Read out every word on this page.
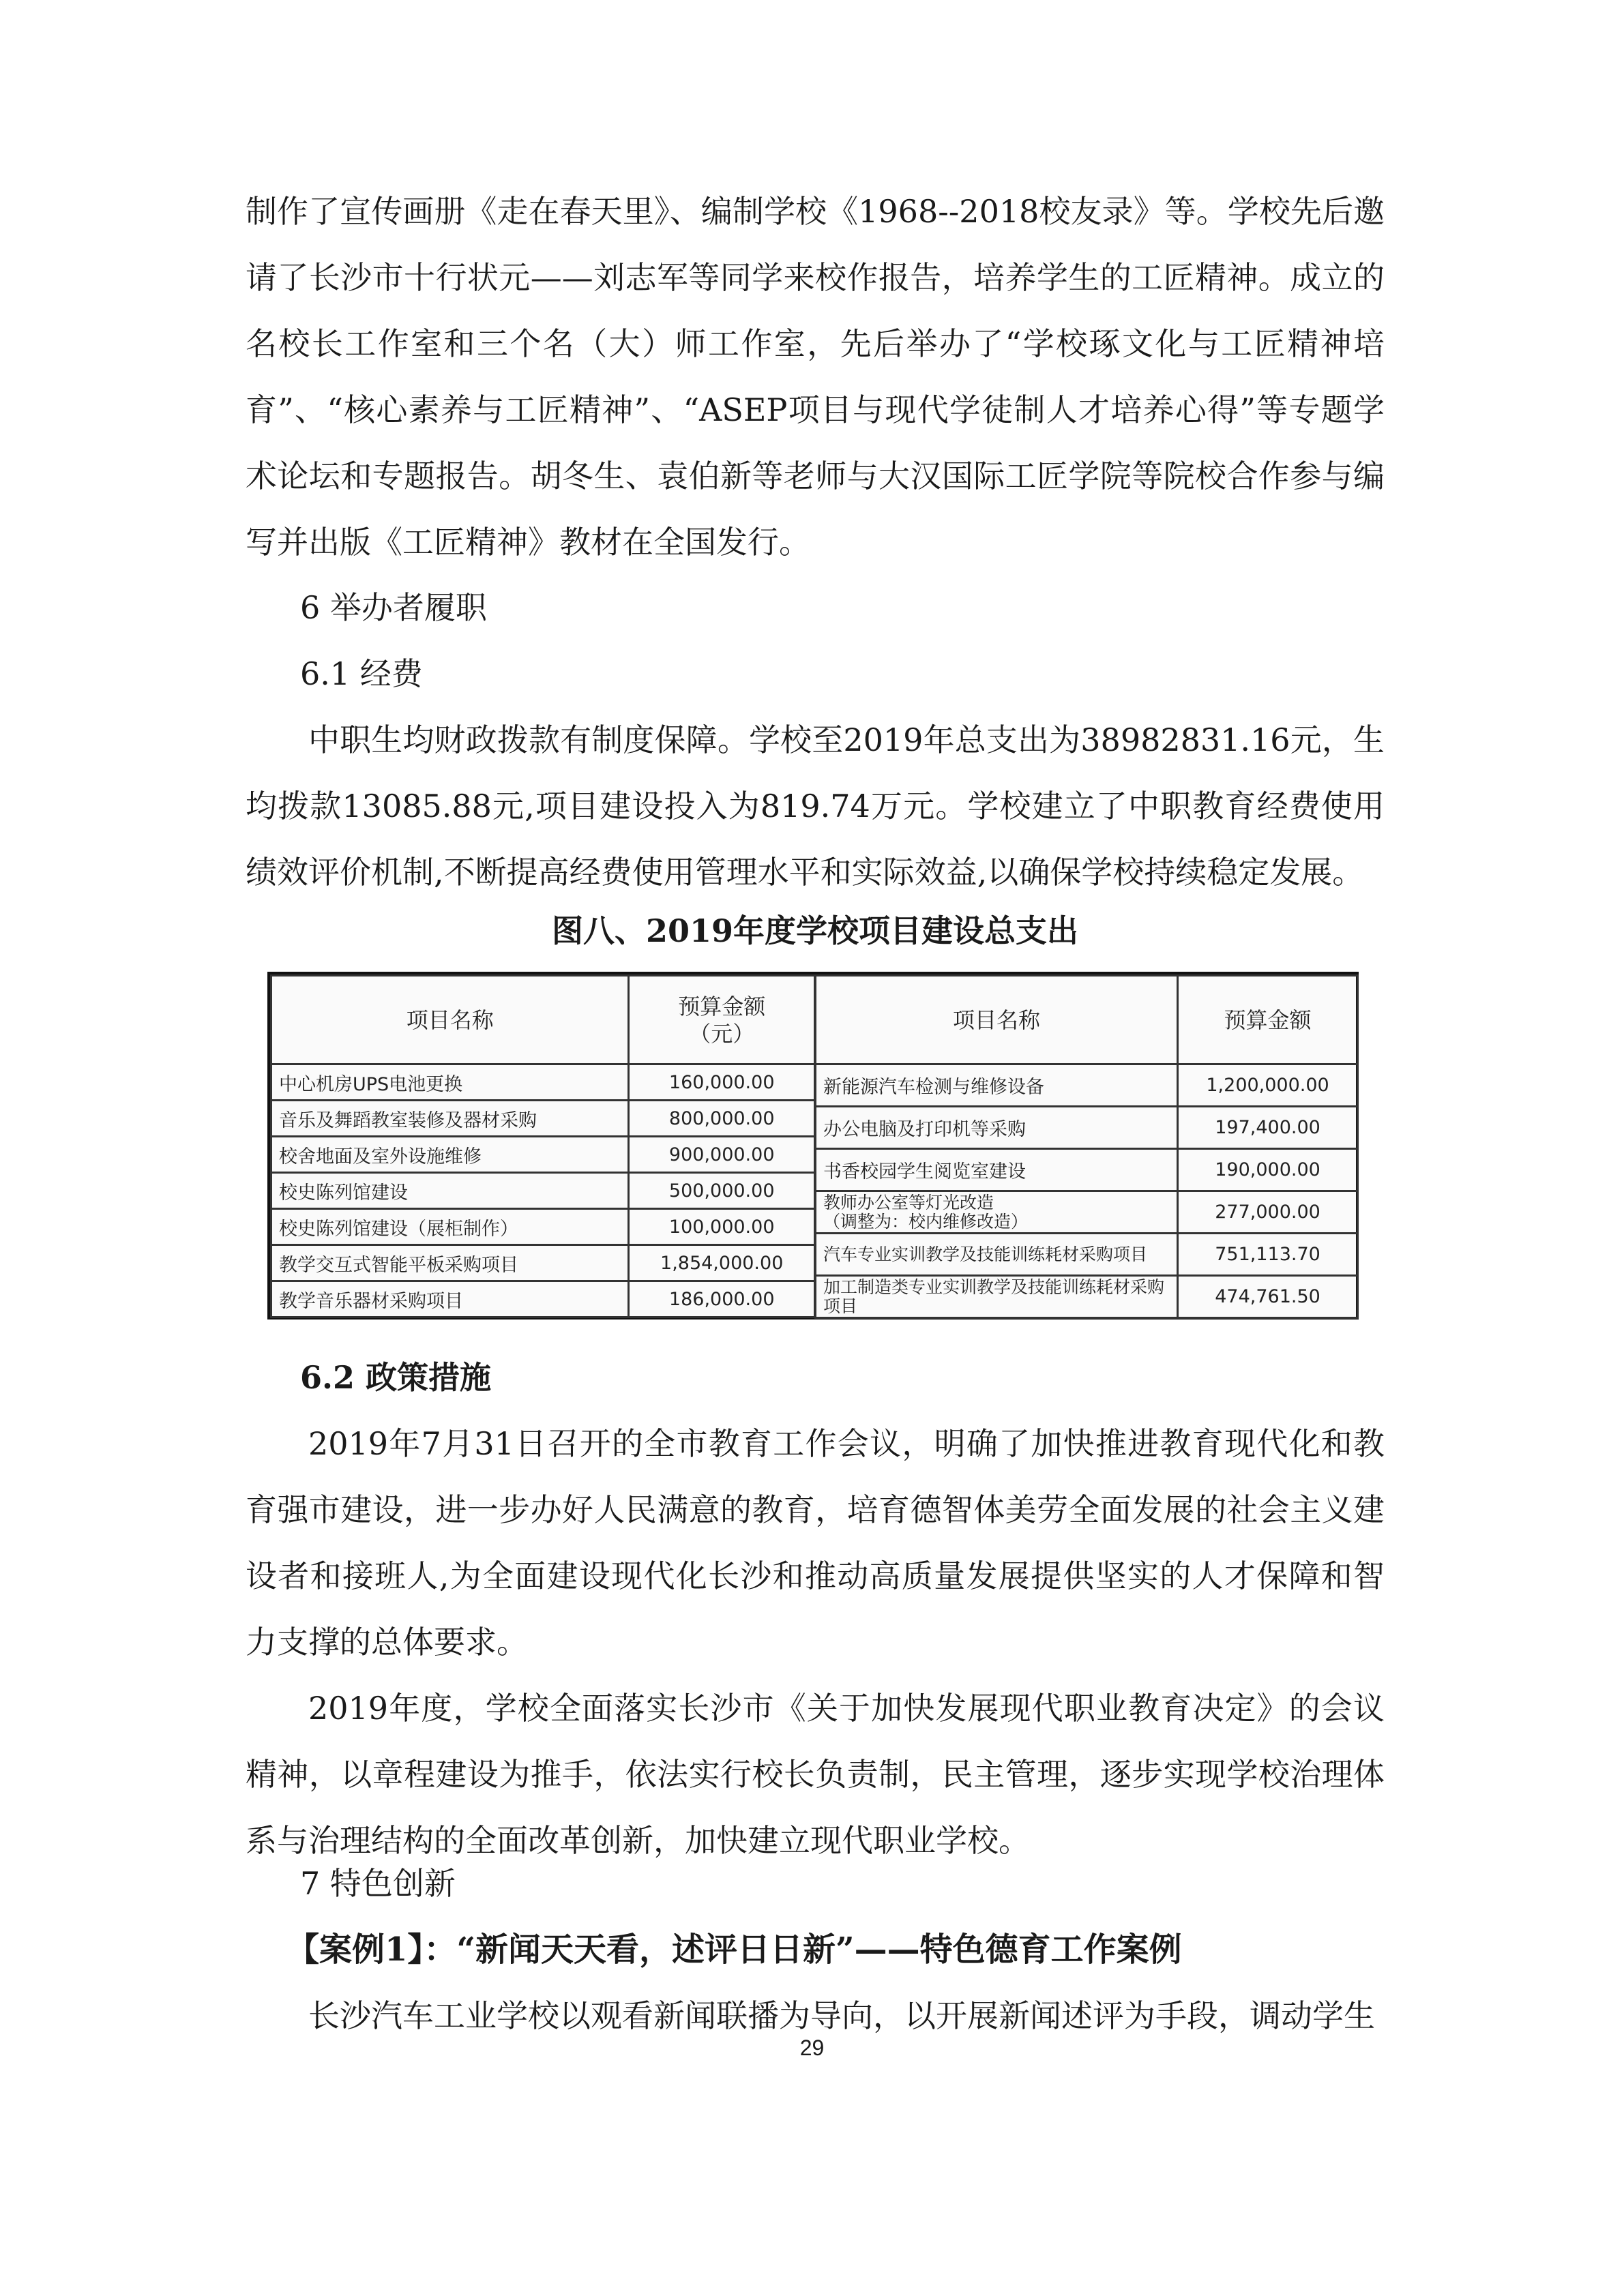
制作了宣传画册《走在春天里》、编制学校《1968--2018校友录》等。学校先后邀请了长沙市十行状元——刘志军等同学来校作报告，培养学生的工匠精神。成立的名校长工作室和三个名（大）师工作室，先后举办了“学校琢文化与工匠精神培育”、“核心素养与工匠精神”、“ASEP项目与现代学徒制人才培养心得”等专题学术论坛和专题报告。胡冬生、袁伯新等老师与大汉国际工匠学院等院校合作参与编写并出版《工匠精神》教材在全国发行。

6 举办者履职

6.1 经费

中职生均财政拨款有制度保障。学校至2019年总支出为38982831.16元，生均拨款13085.88元,项目建设投入为819.74万元。学校建立了中职教育经费使用绩效评价机制,不断提高经费使用管理水平和实际效益,以确保学校持续稳定发展。

图八、2019年度学校项目建设总支出
项目名称	预算金额
（元）
中心机房UPS电池更换	160,000.00
音乐及舞蹈教室装修及器材采购	800,000.00
校舍地面及室外设施维修	900,000.00
校史陈列馆建设	500,000.00
校史陈列馆建设（展柜制作）	100,000.00
教学交互式智能平板采购项目	1,854,000.00
教学音乐器材采购项目	186,000.00
项目名称	预算金额
新能源汽车检测与维修设备	1,200,000.00
办公电脑及打印机等采购	197,400.00
书香校园学生阅览室建设	190,000.00
教师办公室等灯光改造
（调整为：校内维修改造）	277,000.00
汽车专业实训教学及技能训练耗材采购项目	751,113.70
加工制造类专业实训教学及技能训练耗材采购项目	474,761.50

6.2 政策措施

2019年7月31日召开的全市教育工作会议，明确了加快推进教育现代化和教育强市建设，进一步办好人民满意的教育，培育德智体美劳全面发展的社会主义建设者和接班人,为全面建设现代化长沙和推动高质量发展提供坚实的人才保障和智力支撑的总体要求。

2019年度，学校全面落实长沙市《关于加快发展现代职业教育决定》的会议精神，以章程建设为推手，依法实行校长负责制，民主管理，逐步实现学校治理体系与治理结构的全面改革创新，加快建立现代职业学校。

7 特色创新

【案例1】：“新闻天天看，述评日日新”——特色德育工作案例

长沙汽车工业学校以观看新闻联播为导向，以开展新闻述评为手段，调动学生

29
